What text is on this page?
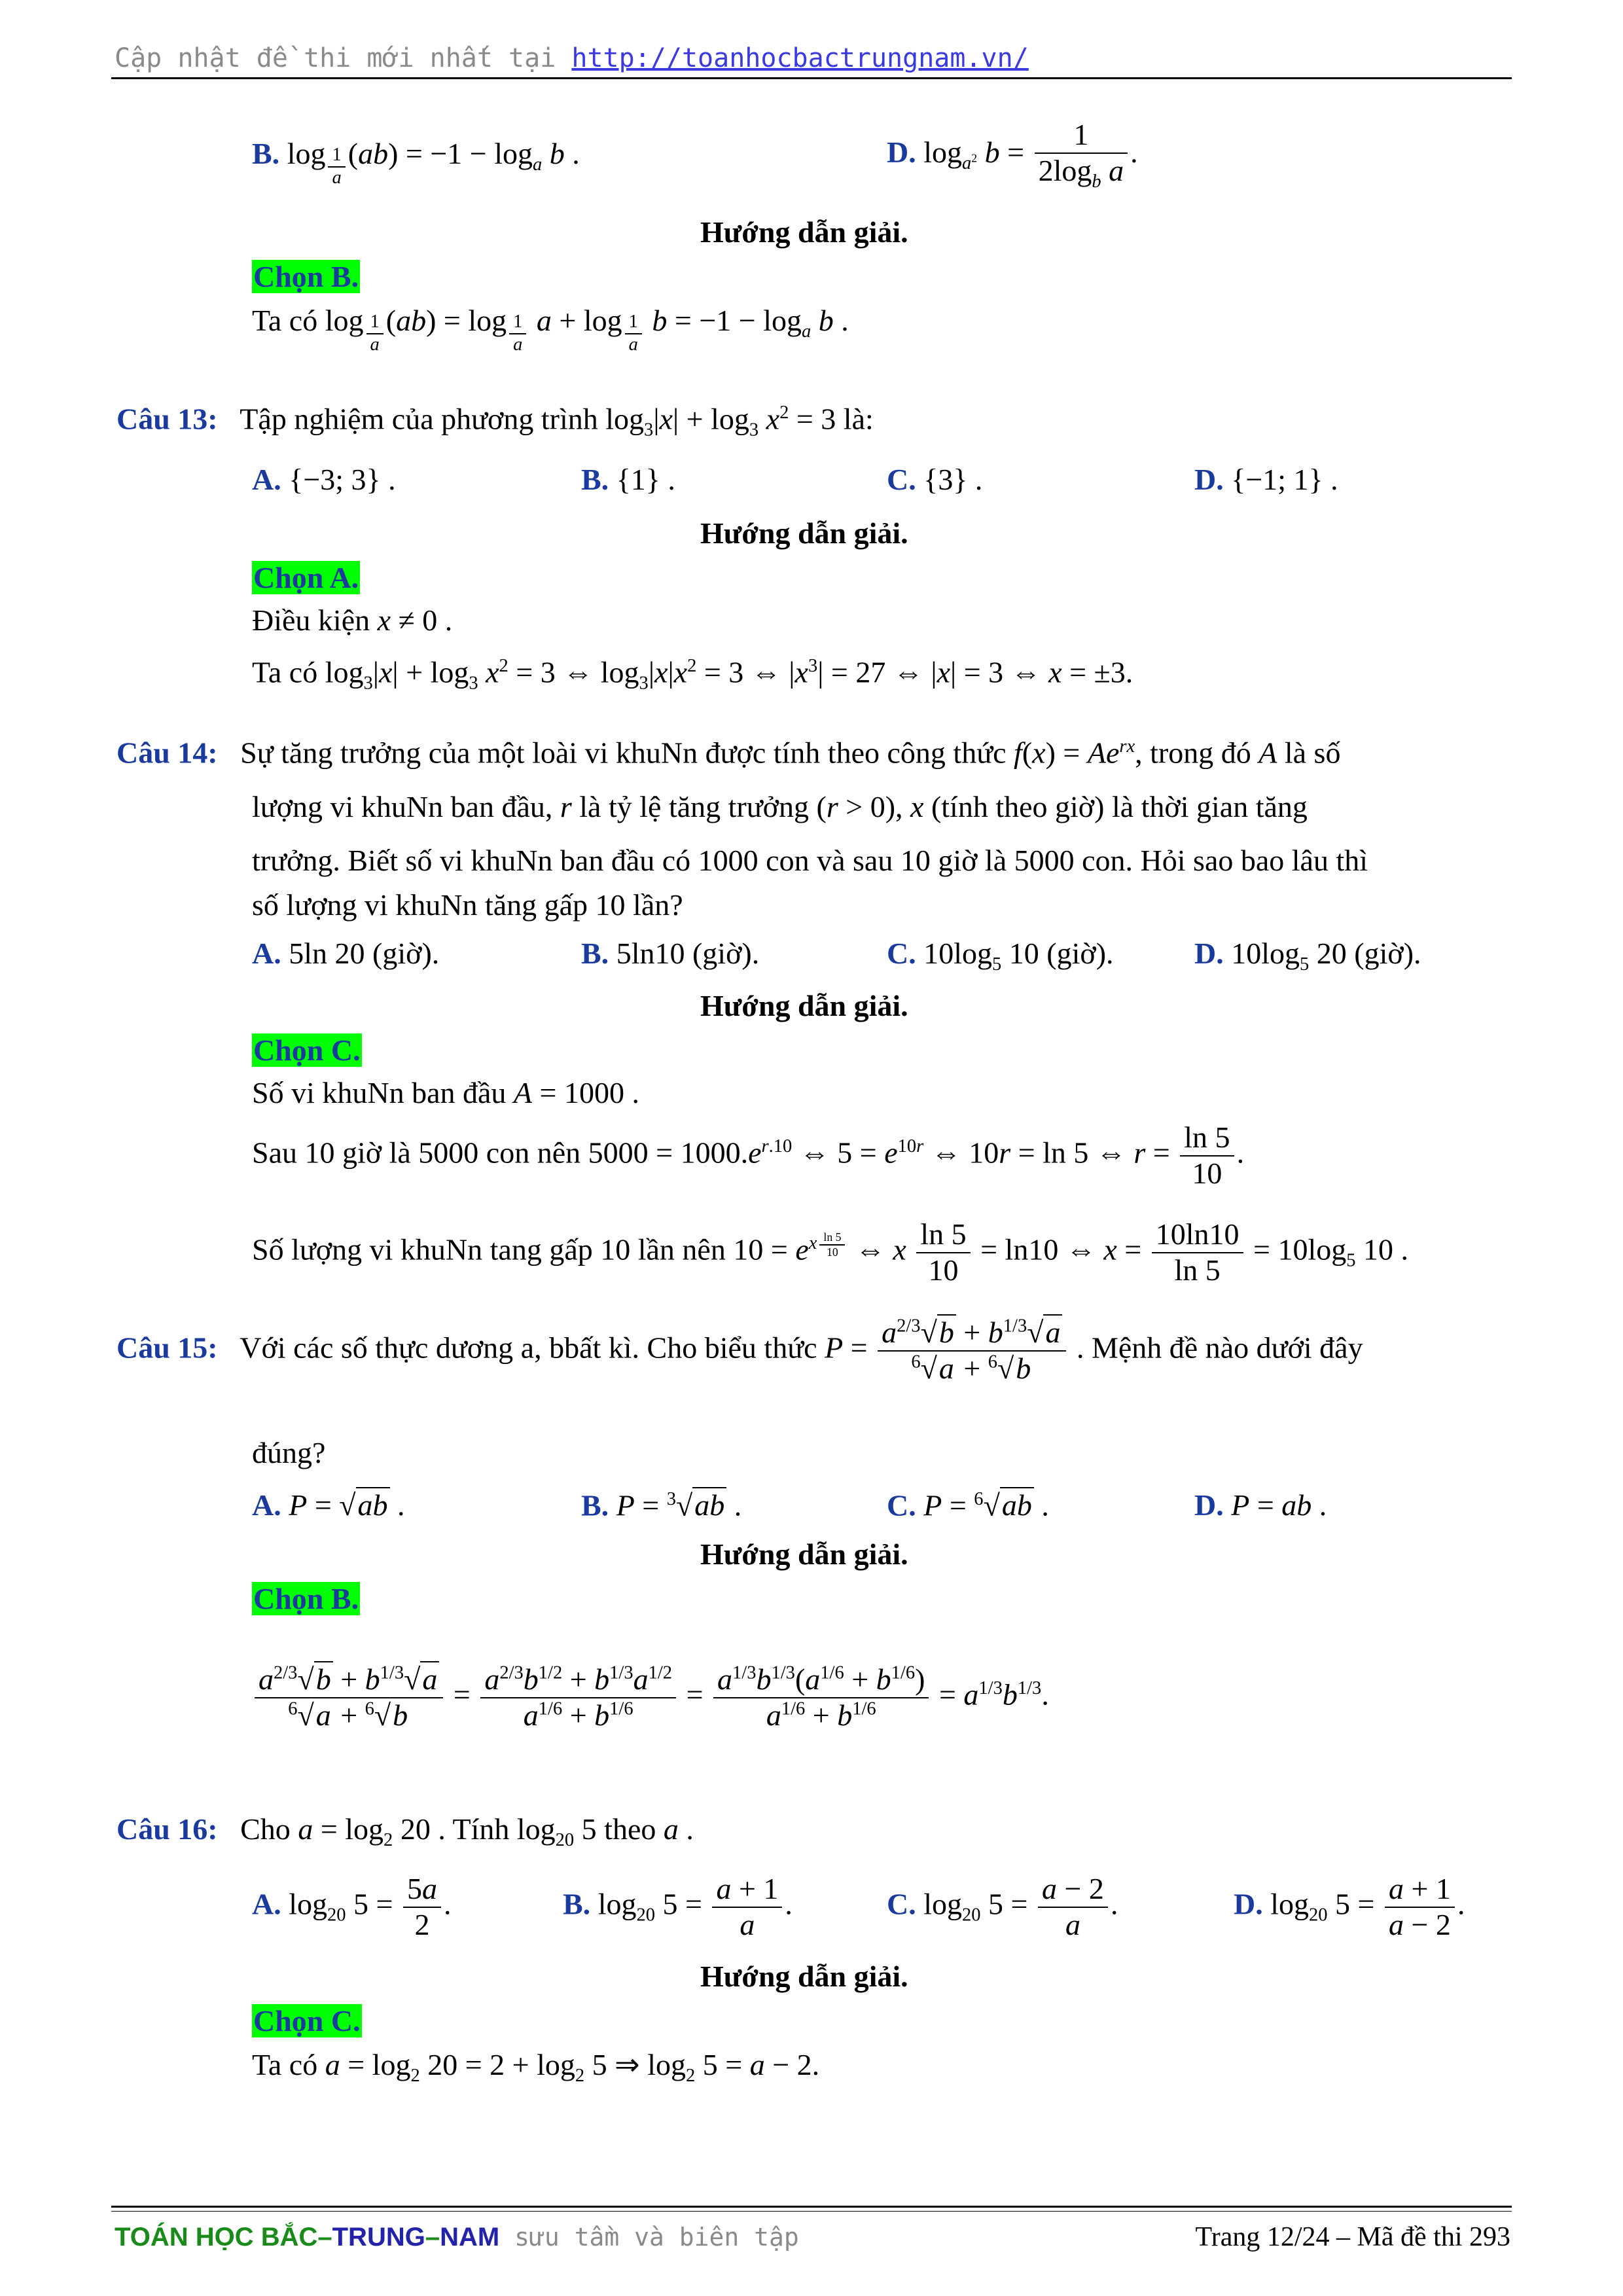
Cập nhật đề thi mới nhất tại http://toanhocbactrungnam.vn/
B. log $_{\frac{1}{a}}$ $(ab) = -1 - \log_a b$ .	D. $\log_{a^2} b = \frac{1}{2\log_b a}$ .
Hướng dẫn giải.
Chọn B.
Ta có log $_{\frac{1}{a}}$ (ab) = log $_{\frac{1}{a}}$ a + log $_{\frac{1}{a}}$ $b = -1 - \log_a b$ .
Câu 13: Tập nghiệm của phương trình $\log_3|x| + \log_3 x^2 = 3$ là:
A. {−3; 3} .	B. {1} .	C. {3} .	D. {−1; 1} .
Hướng dẫn giải.
Chọn A.
Điều kiện x ≠ 0 .
Ta có $\log_3|x| + \log_3 x^2 = 3$ ⇔ $\log_3|x|x^2 = 3$ ⇔ $|x^3| = 27$ ⇔ |x| = 3 ⇔ x = ±3.
Câu 14: Sự tăng trưởng của một loài vi khuNn được tính theo công thức $f(x) = Ae^{rx}$, trong đó A là số
lượng vi khuNn ban đầu, r là tỷ lệ tăng trưởng (r > 0), x (tính theo giờ) là thời gian tăng
trưởng. Biết số vi khuNn ban đầu có 1000 con và sau 10 giờ là 5000 con. Hỏi sao bao lâu thì
số lượng vi khuNn tăng gấp 10 lần?
A. 5ln 20 (giờ).	B. 5ln10 (giờ).	C. $10\log_5$ 10 (giờ).	D. $10\log_5$ 20 (giờ).
Hướng dẫn giải.
Chọn C.
Số vi khuNn ban đầu A = 1000 .
Sau 10 giờ là 5000 con nên $5000 = 1000.e^{r.10}$ ⇔ $5 = e^{10r}$ ⇔ 10r = ln 5 ⇔ $r = \frac{\ln 5}{10}$ .
Số lượng vi khuNn tang gấp 10 lần nên $10 = e^{x \frac{\ln 5}{10}}$ ⇔ x $\frac{\ln 5}{10} = \ln 10$ ⇔ $x = \frac{10\ln 10}{\ln 5} = 10\log_5$ 10 .
Câu 15: Với các số thực dương a, bbất kì. Cho biểu thức $P = \frac{a^{2/3}√b + b^{1/3}√a}{^6√a + ^6√b}$ . Mệnh đề nào dưới đây
đúng?
A. P = √ab .	B. P = $^3$√ab .	C. P = $^6$√ab .	D. P = ab .
Hướng dẫn giải.
Chọn B.
$\frac{a^{2/3}√b + b^{1/3}√a}{^6√a + ^6√b} = \frac{a^{2/3}b^{1/2} + b^{1/3}a^{1/2}}{a^{1/6} + b^{1/6}} = \frac{a^{1/3}b^{1/3}(a^{1/6} + b^{1/6})}{a^{1/6} + b^{1/6}} = a^{1/3}b^{1/3}$.
Câu 16: Cho $a = \log_2 20$ . Tính $\log_{20} 5$ theo a .
A. $\log_{20} 5 = \frac{5a}{2}$ .	B. $\log_{20} 5 = \frac{a + 1}{a}$ .	C. $\log_{20} 5 = \frac{a - 2}{a}$ .	D. $\log_{20} 5 = \frac{a + 1}{a - 2}$ .
Hướng dẫn giải.
Chọn C.
Ta có $a = \log_2 20 = 2 + \log_2 5$ ⇒ $\log_2 5 = a - 2$.
TOÁN HỌC BẮC–TRUNG–NAM sưu tầm và biên tập	Trang 12/24 – Mã đề thi 293
